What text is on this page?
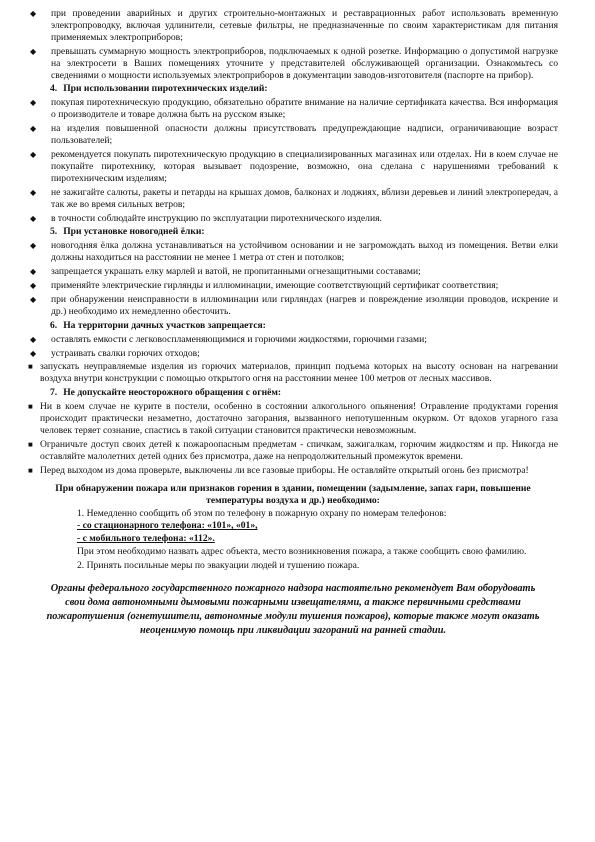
◆ при проведении аварийных и других строительно-монтажных и реставрационных работ использовать временную электропроводку, включая удлинители, сетевые фильтры, не предназначенные по своим характеристикам для питания применяемых электроприборов;
◆ превышать суммарную мощность электроприборов, подключаемых к одной розетке. Информацию о допустимой нагрузке на электросети в Ваших помещениях уточните у представителей обслуживающей организации. Ознакомьтесь со сведениями о мощности используемых электроприборов в документации заводов-изготовителя (паспорте на прибор).
4. При использовании пиротехнических изделий:
◆ покупая пиротехническую продукцию, обязательно обратите внимание на наличие сертификата качества. Вся информация о производителе и товаре должна быть на русском языке;
◆ на изделия повышенной опасности должны присутствовать предупреждающие надписи, ограничивающие возраст пользователей;
◆ рекомендуется покупать пиротехническую продукцию в специализированных магазинах или отделах. Ни в коем случае не покупайте пиротехнику, которая вызывает подозрение, возможно, она сделана с нарушениями требований к пиротехническим изделиям;
◆ не зажигайте салюты, ракеты и петарды на крышах домов, балконах и лоджиях, вблизи деревьев и линий электропередач, а так же во время сильных ветров;
◆ в точности соблюдайте инструкцию по эксплуатации пиротехнического изделия.
5. При установке новогодней ёлки:
◆ новогодняя ёлка должна устанавливаться на устойчивом основании и не загромождать выход из помещения. Ветви елки должны находиться на расстоянии не менее 1 метра от стен и потолков;
◆ запрещается украшать елку марлей и ватой, не пропитанными огнезащитными составами;
◆ применяйте электрические гирлянды и иллюминации, имеющие соответствующий сертификат соответствия;
◆ при обнаружении неисправности в иллюминации или гирляндах (нагрев и повреждение изоляции проводов, искрение и др.) необходимо их немедленно обесточить.
6. На территории дачных участков запрещается:
◆ оставлять емкости с легковоспламеняющимися и горючими жидкостями, горючими газами;
◆ устраивать свалки горючих отходов;
■ запускать неуправляемые изделия из горючих материалов, принцип подъема которых на высоту основан на нагревании воздуха внутри конструкции с помощью открытого огня на расстоянии менее 100 метров от лесных массивов.
7. Не допускайте неосторожного обращения с огнём:
■ Ни в коем случае не курите в постели, особенно в состоянии алкогольного опьянения! Отравление продуктами горения происходит практически незаметно, достаточно загорания, вызванного непотушенным окурком. От вдохов угарного газа человек теряет сознание, спастись в такой ситуации становится практически невозможным.
■ Ограничьте доступ своих детей к пожароопасным предметам - спичкам, зажигалкам, горючим жидкостям и пр. Никогда не оставляйте малолетних детей одних без присмотра, даже на непродолжительный промежуток времени.
■ Перед выходом из дома проверьте, выключены ли все газовые приборы. Не оставляйте открытый огонь без присмотра!
При обнаружении пожара или признаков горения в здании, помещении (задымление, запах гари, повышение температуры воздуха и др.) необходимо:
1. Немедленно сообщить об этом по телефону в пожарную охрану по номерам телефонов:
- со стационарного телефона: «101», «01»,
- с мобильного телефона: «112».
При этом необходимо назвать адрес объекта, место возникновения пожара, а также сообщить свою фамилию.
2. Принять посильные меры по эвакуации людей и тушению пожара.
Органы федерального государственного пожарного надзора настоятельно рекомендует Вам оборудовать свои дома автономными дымовыми пожарными извещателями, а также первичными средствами пожаротушения (огнетушители, автономные модули тушения пожаров), которые также могут оказать неоценимую помощь при ликвидации загораний на ранней стадии.
